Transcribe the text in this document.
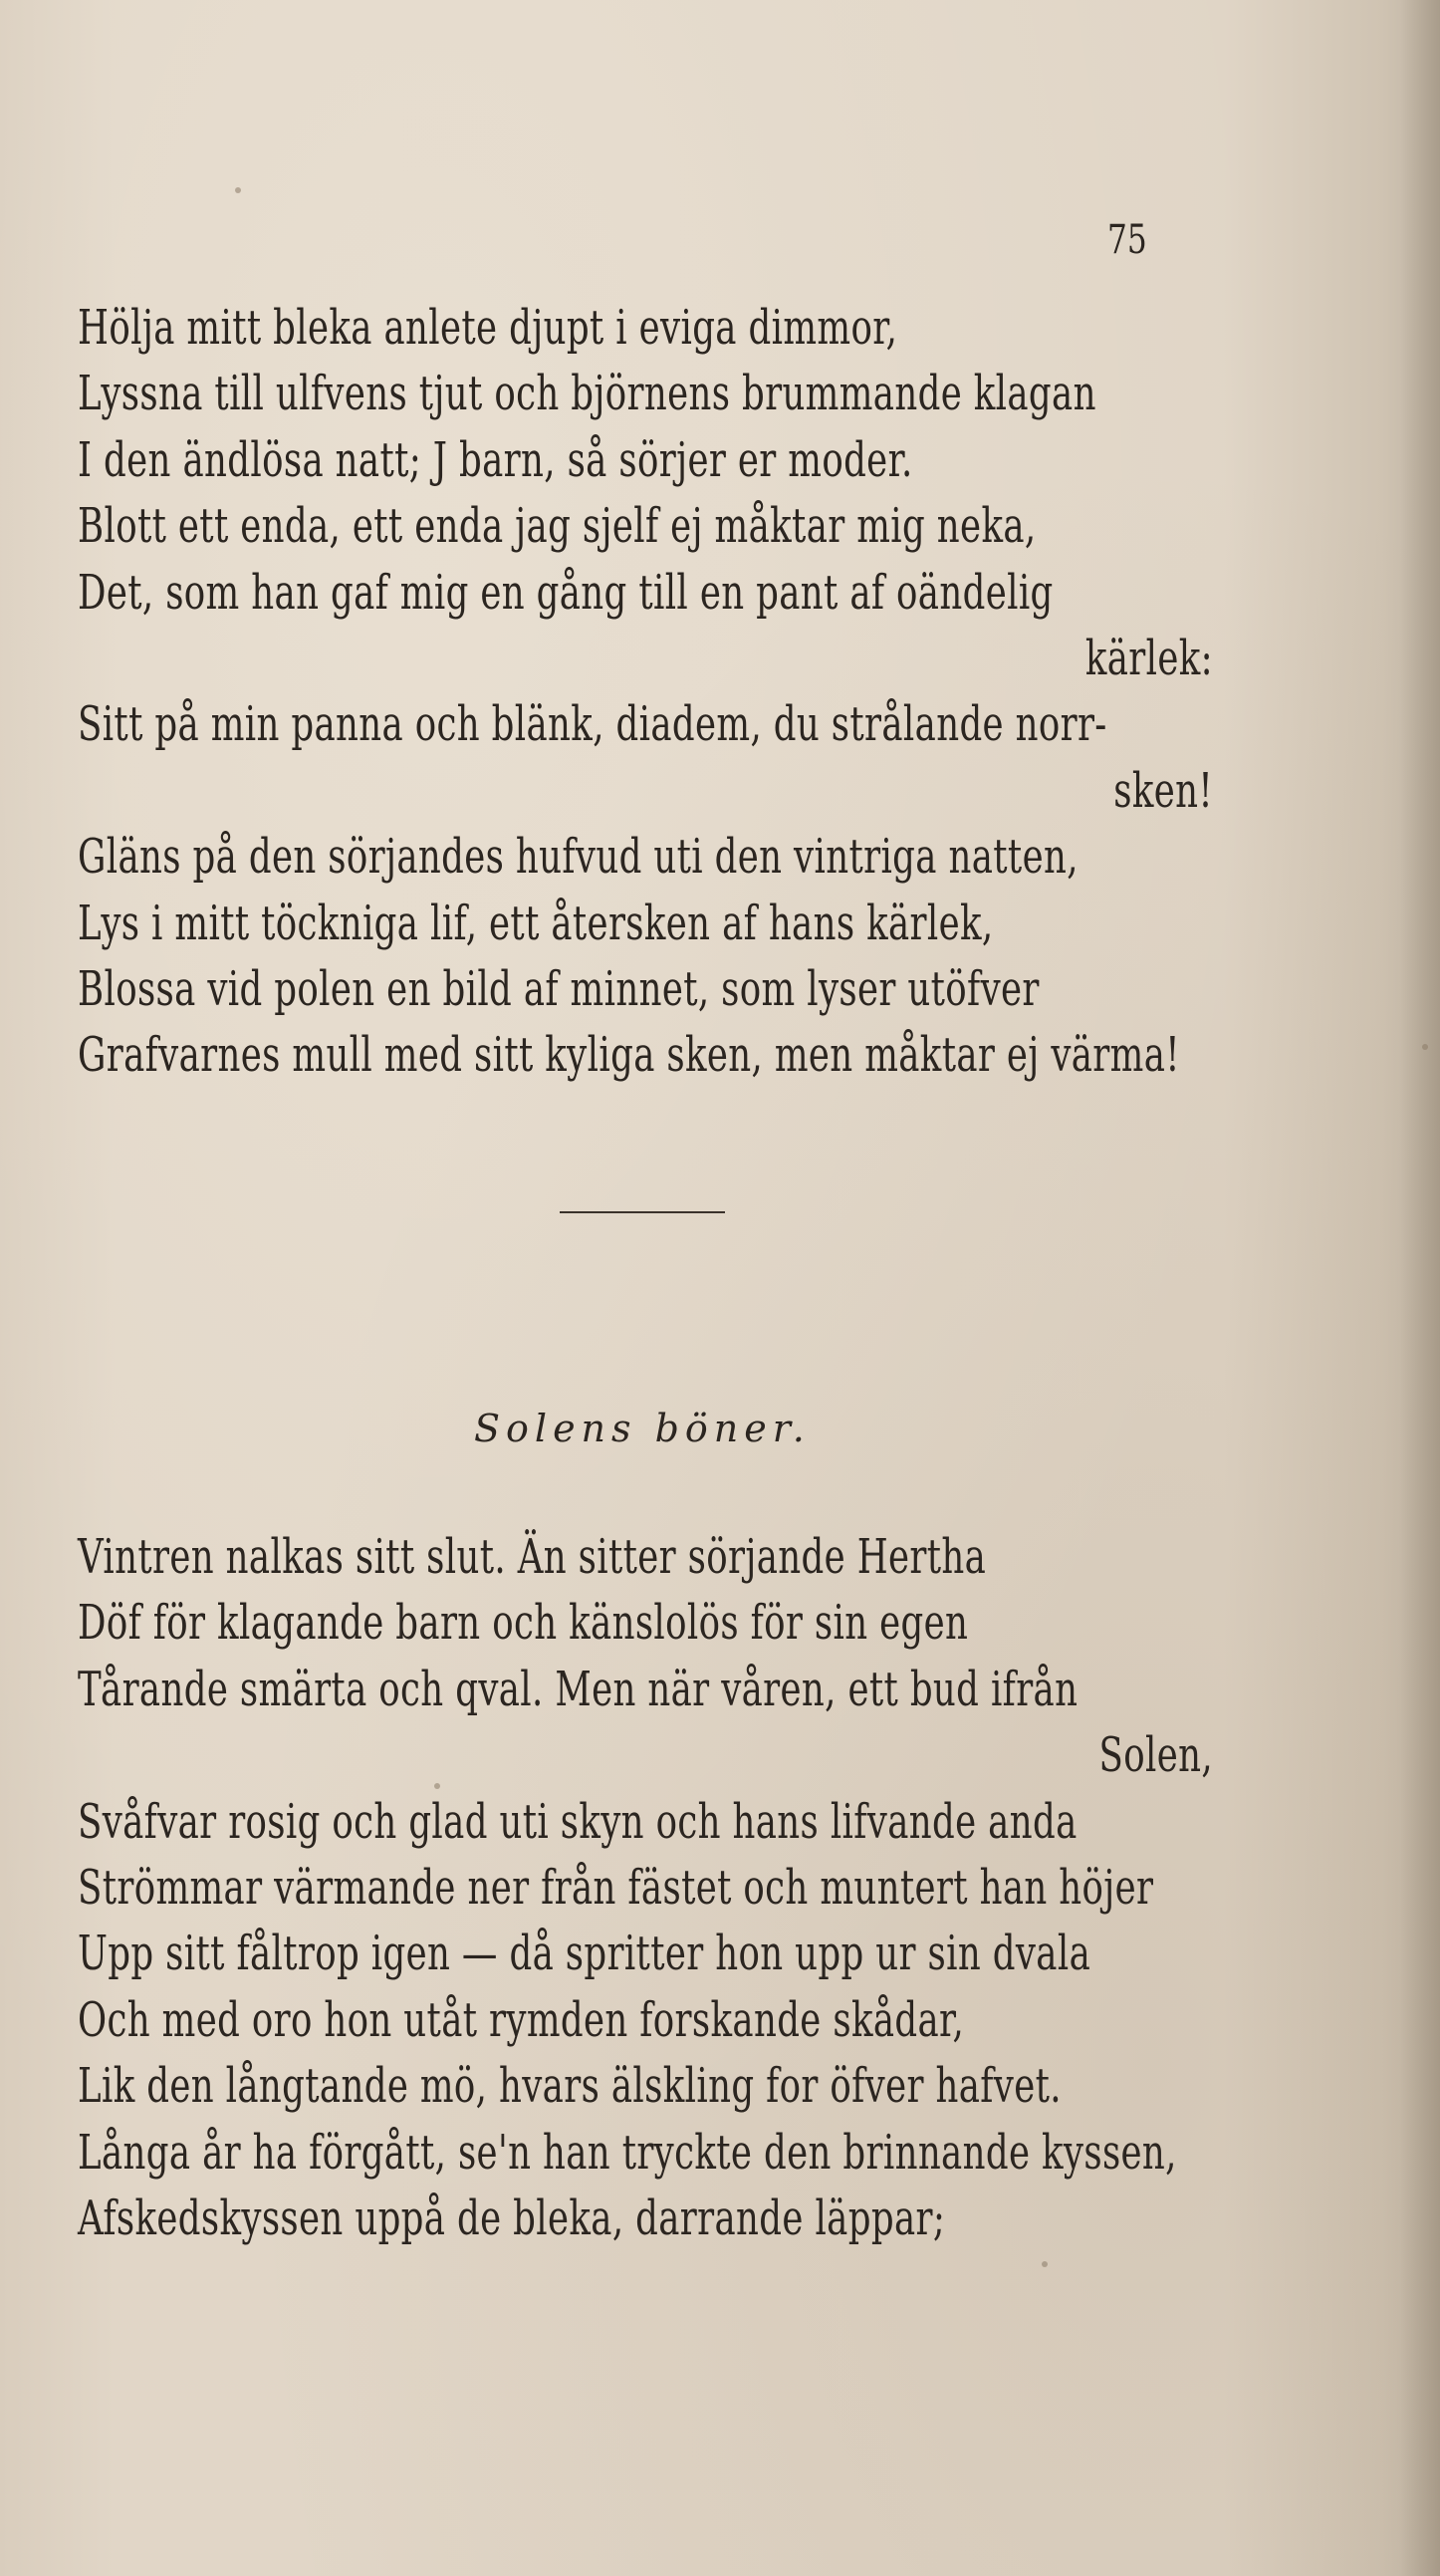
75
Hölja mitt bleka anlete djupt i eviga dimmor,
Lyssna till ulfvens tjut och björnens brummande klagan
I den ändlösa natt; J barn, så sörjer er moder.
Blott ett enda, ett enda jag sjelf ej måktar mig neka,
Det, som han gaf mig en gång till en pant af oändelig
kärlek:
Sitt på min panna och blänk, diadem, du strålande norr-
sken!
Gläns på den sörjandes hufvud uti den vintriga natten,
Lys i mitt töckniga lif, ett återsken af hans kärlek,
Blossa vid polen en bild af minnet, som lyser utöfver
Grafvarnes mull med sitt kyliga sken, men måktar ej värma!
Solens böner.
Vintren nalkas sitt slut. Än sitter sörjande Hertha
Döf för klagande barn och känslolös för sin egen
Tårande smärta och qval. Men när våren, ett bud ifrån
Solen,
Svåfvar rosig och glad uti skyn och hans lifvande anda
Strömmar värmande ner från fästet och muntert han höjer
Upp sitt fåltrop igen — då spritter hon upp ur sin dvala
Och med oro hon utåt rymden forskande skådar,
Lik den långtande mö, hvars älskling for öfver hafvet.
Långa år ha förgått, se'n han tryckte den brinnande kyssen,
Afskedskyssen uppå de bleka, darrande läppar;
